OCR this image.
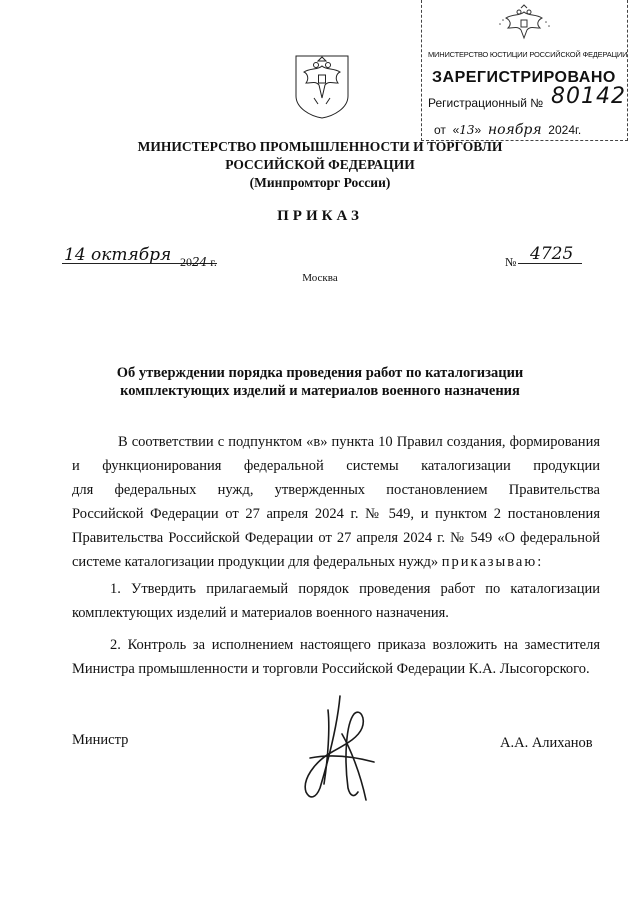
МИНИСТЕРСТВО ЮСТИЦИИ РОССИЙСКОЙ ФЕДЕРАЦИИ
ЗАРЕГИСТРИРОВАНО
Регистрационный № 80142
от  «13»  ноября 2024г.
МИНИСТЕРСТВО ПРОМЫШЛЕННОСТИ И ТОРГОВЛИ
РОССИЙСКОЙ ФЕДЕРАЦИИ
(Минпромторг России)
ПРИКАЗ
14 октября 2024 г.	№ 4725
Москва
Об утверждении порядка проведения работ по каталогизации
комплектующих изделий и материалов военного назначения
В соответствии с подпунктом «в» пункта 10 Правил создания, формирования
и функционирования федеральной системы каталогизации продукции
для федеральных нужд, утвержденных постановлением Правительства
Российской Федерации от 27 апреля 2024 г. № 549, и пунктом 2 постановления
Правительства Российской Федерации от 27 апреля 2024 г. № 549 «О федеральной
системе каталогизации продукции для федеральных нужд» приказываю:
1. Утвердить прилагаемый порядок проведения работ по каталогизации
комплектующих изделий и материалов военного назначения.
2. Контроль за исполнением настоящего приказа возложить на заместителя
Министра промышленности и торговли Российской Федерации К.А. Лысогорского.
Министр	А.А. Алиханов
